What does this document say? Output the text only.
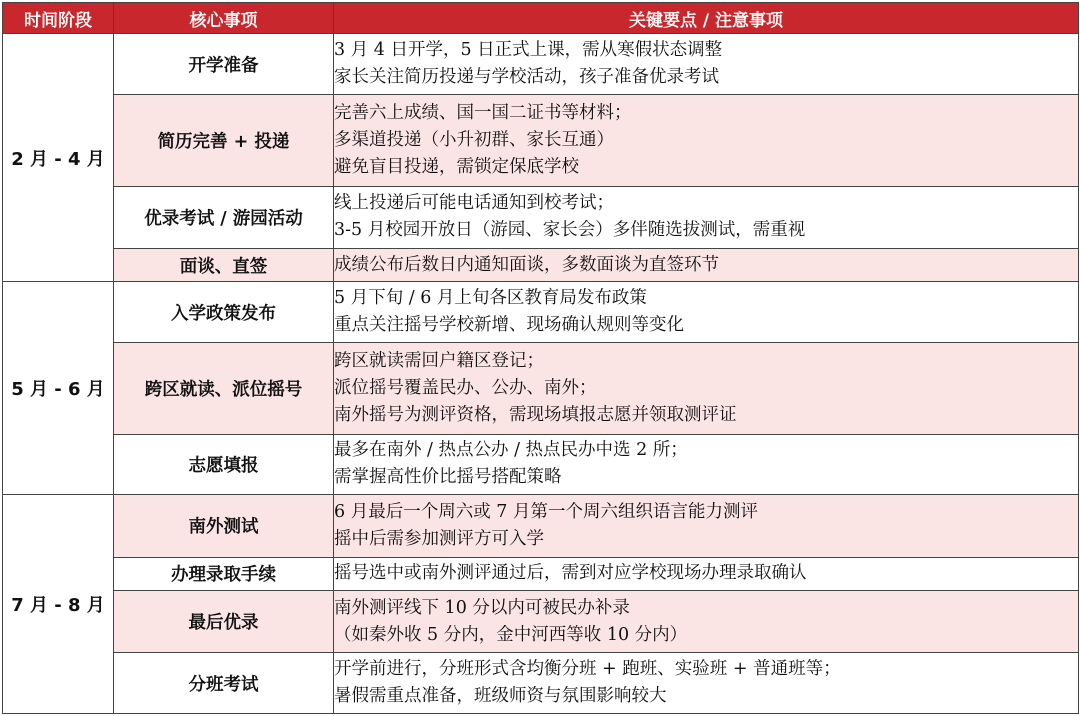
时间阶段	核心事项	关键要点 / 注意事项
2 月 - 4 月	开学准备	3 月 4 日开学，5 日正式上课，需从寒假状态调整
家长关注简历投递与学校活动，孩子准备优录考试

	简历完善 + 投递	完善六上成绩、国一国二证书等材料；
多渠道投递（小升初群、家长互通）
避免盲目投递，需锁定保底学校

	优录考试 / 游园活动	线上投递后可能电话通知到校考试；
3-5 月校园开放日（游园、家长会）多伴随选拔测试，需重视

	面谈、直签	成绩公布后数日内通知面谈，多数面谈为直签环节

5 月 - 6 月	入学政策发布	5 月下旬 / 6 月上旬各区教育局发布政策
重点关注摇号学校新增、现场确认规则等变化

	跨区就读、派位摇号	跨区就读需回户籍区登记；
派位摇号覆盖民办、公办、南外；
南外摇号为测评资格，需现场填报志愿并领取测评证

	志愿填报	最多在南外 / 热点公办 / 热点民办中选 2 所；
需掌握高性价比摇号搭配策略

7 月 - 8 月	南外测试	6 月最后一个周六或 7 月第一个周六组织语言能力测评
摇中后需参加测评方可入学

	办理录取手续	摇号选中或南外测评通过后，需到对应学校现场办理录取确认

	最后优录	南外测评线下 10 分以内可被民办补录
（如秦外收 5 分内，金中河西等收 10 分内）

	分班考试	开学前进行，分班形式含均衡分班 + 跑班、实验班 + 普通班等；
暑假需重点准备，班级师资与氛围影响较大
